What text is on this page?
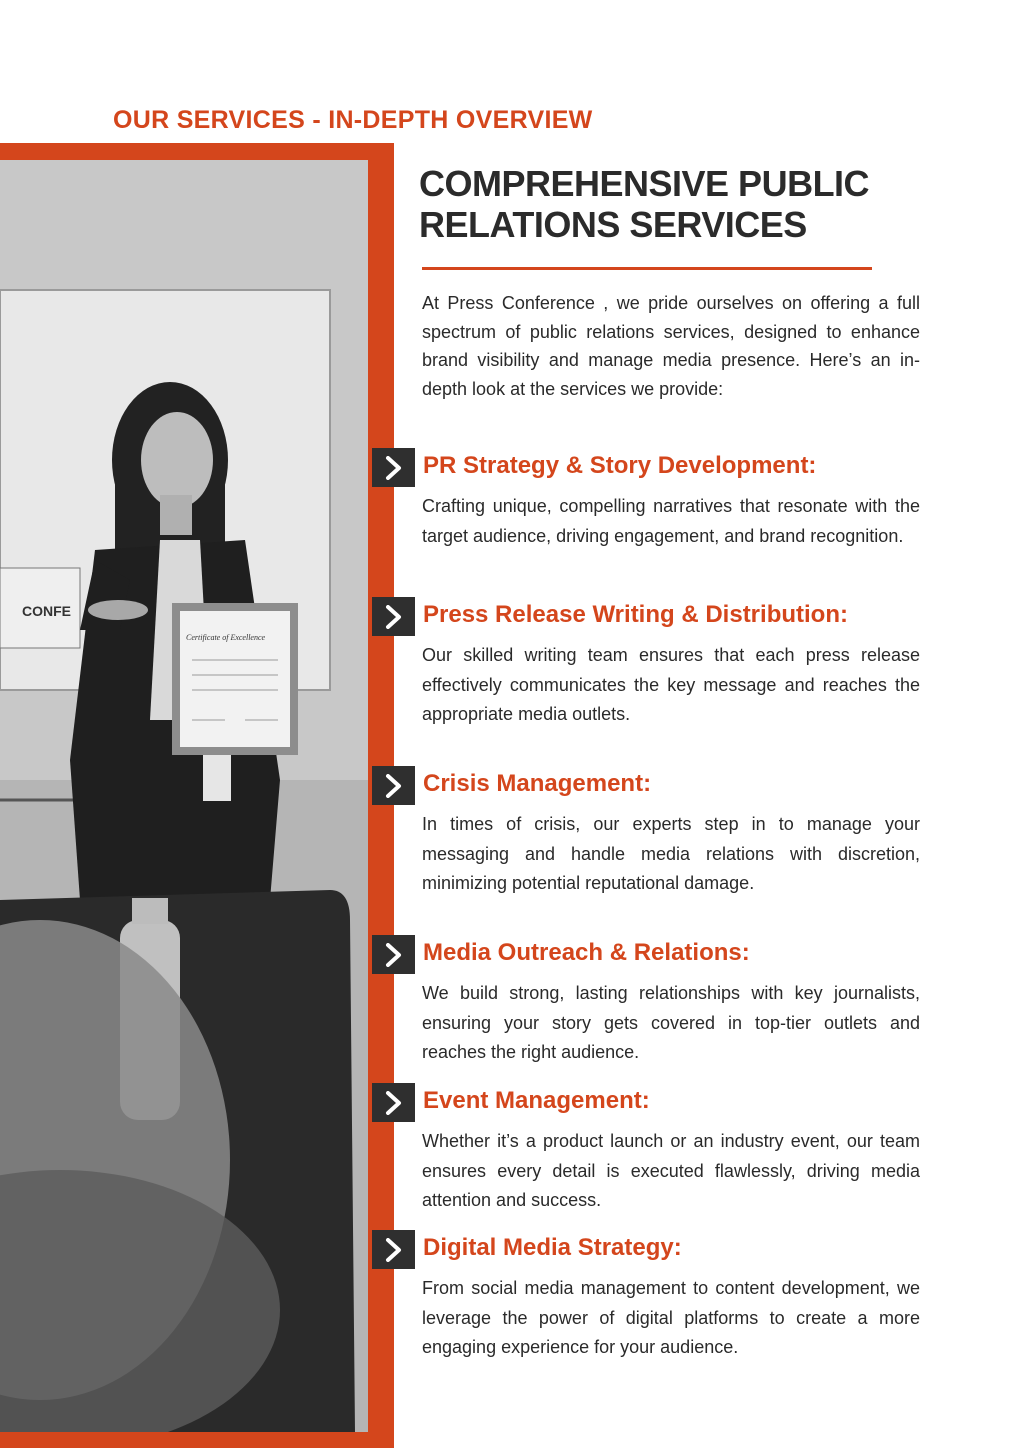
OUR SERVICES - IN-DEPTH OVERVIEW
CONFE
Certificate of Excellence
COMPREHENSIVE PUBLIC
RELATIONS SERVICES
At Press Conference , we pride ourselves on offering a full spectrum of public relations services, designed to enhance brand visibility and manage media presence. Here’s an in-depth look at the services we provide:
PR Strategy & Story Development:
Crafting unique, compelling narratives that resonate with the target audience, driving engagement, and brand recognition.
Press Release Writing & Distribution:
Our skilled writing team ensures that each press release effectively communicates the key message and reaches the appropriate media outlets.
Crisis Management:
In times of crisis, our experts step in to manage your messaging and handle media relations with discretion, minimizing potential reputational damage.
Media Outreach & Relations:
We build strong, lasting relationships with key journalists, ensuring your story gets covered in top-tier outlets and reaches the right audience.
Event Management:
Whether it’s a product launch or an industry event, our team ensures every detail is executed flawlessly, driving media attention and success.
Digital Media Strategy:
From social media management to content development, we leverage the power of digital platforms to create a more engaging experience for your audience.
